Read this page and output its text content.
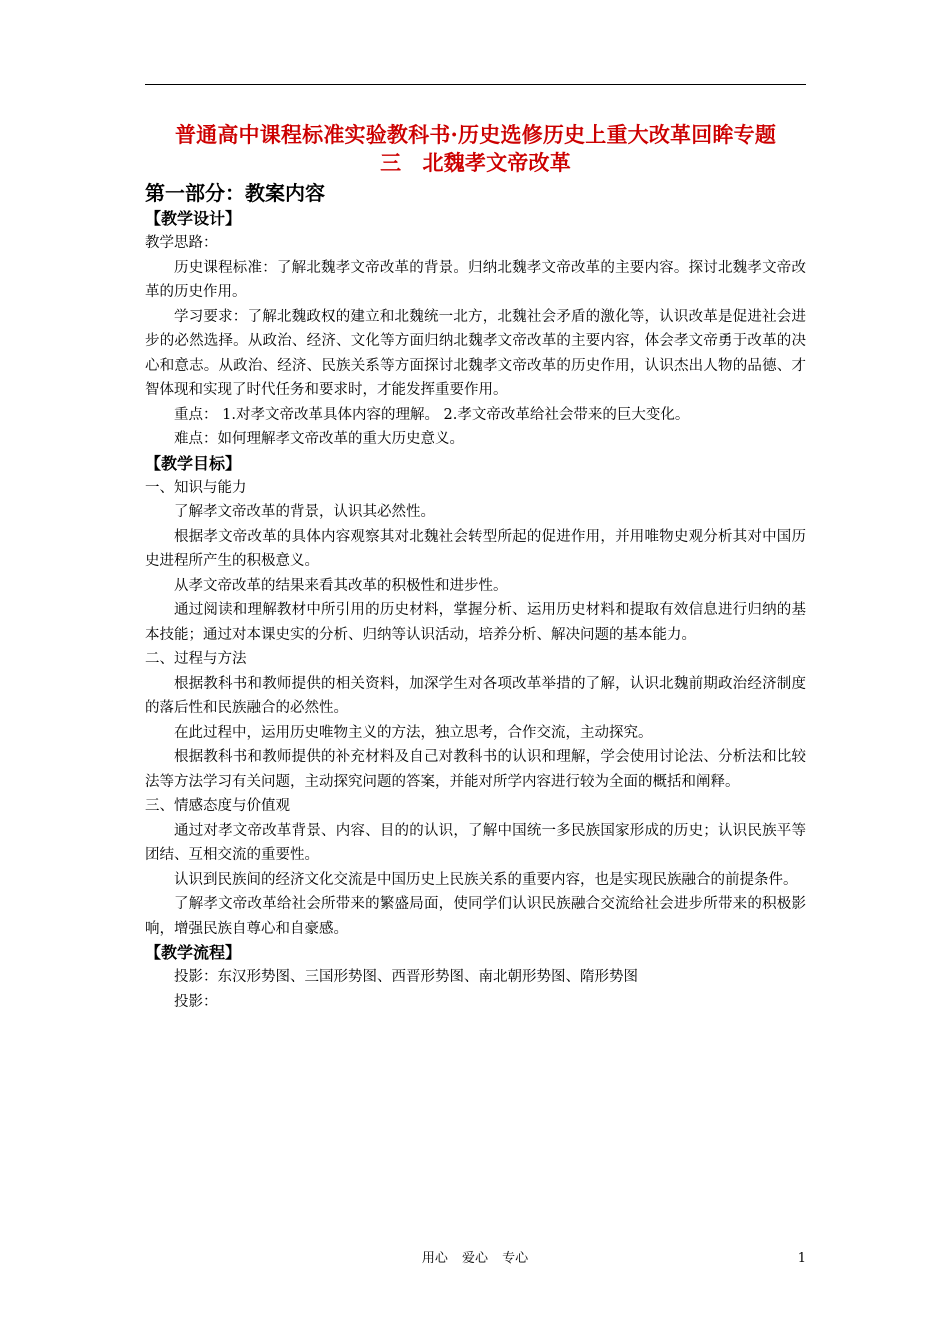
普通高中课程标准实验教科书·历史选修历史上重大改革回眸专题
三　北魏孝文帝改革
第一部分：教案内容
【教学设计】

教学思路：

历史课程标准：了解北魏孝文帝改革的背景。归纳北魏孝文帝改革的主要内容。探讨北魏孝文帝改革的历史作用。

学习要求：了解北魏政权的建立和北魏统一北方，北魏社会矛盾的激化等，认识改革是促进社会进步的必然选择。从政治、经济、文化等方面归纳北魏孝文帝改革的主要内容，体会孝文帝勇于改革的决心和意志。从政治、经济、民族关系等方面探讨北魏孝文帝改革的历史作用，认识杰出人物的品德、才智体现和实现了时代任务和要求时，才能发挥重要作用。

重点： 1.对孝文帝改革具体内容的理解。 2.孝文帝改革给社会带来的巨大变化。

难点：如何理解孝文帝改革的重大历史意义。

【教学目标】

一、知识与能力

了解孝文帝改革的背景，认识其必然性。

根据孝文帝改革的具体内容观察其对北魏社会转型所起的促进作用，并用唯物史观分析其对中国历史进程所产生的积极意义。

从孝文帝改革的结果来看其改革的积极性和进步性。

通过阅读和理解教材中所引用的历史材料，掌握分析、运用历史材料和提取有效信息进行归纳的基本技能；通过对本课史实的分析、归纳等认识活动，培养分析、解决问题的基本能力。

二、过程与方法

根据教科书和教师提供的相关资料，加深学生对各项改革举措的了解，认识北魏前期政治经济制度的落后性和民族融合的必然性。

在此过程中，运用历史唯物主义的方法，独立思考，合作交流，主动探究。

根据教科书和教师提供的补充材料及自己对教科书的认识和理解，学会使用讨论法、分析法和比较法等方法学习有关问题，主动探究问题的答案，并能对所学内容进行较为全面的概括和阐释。

三、情感态度与价值观

通过对孝文帝改革背景、内容、目的的认识，了解中国统一多民族国家形成的历史；认识民族平等团结、互相交流的重要性。

认识到民族间的经济文化交流是中国历史上民族关系的重要内容，也是实现民族融合的前提条件。

了解孝文帝改革给社会所带来的繁盛局面，使同学们认识民族融合交流给社会进步所带来的积极影响，增强民族自尊心和自豪感。

【教学流程】

投影：东汉形势图、三国形势图、西晋形势图、南北朝形势图、隋形势图

投影：

用心 爱心 专心	1
